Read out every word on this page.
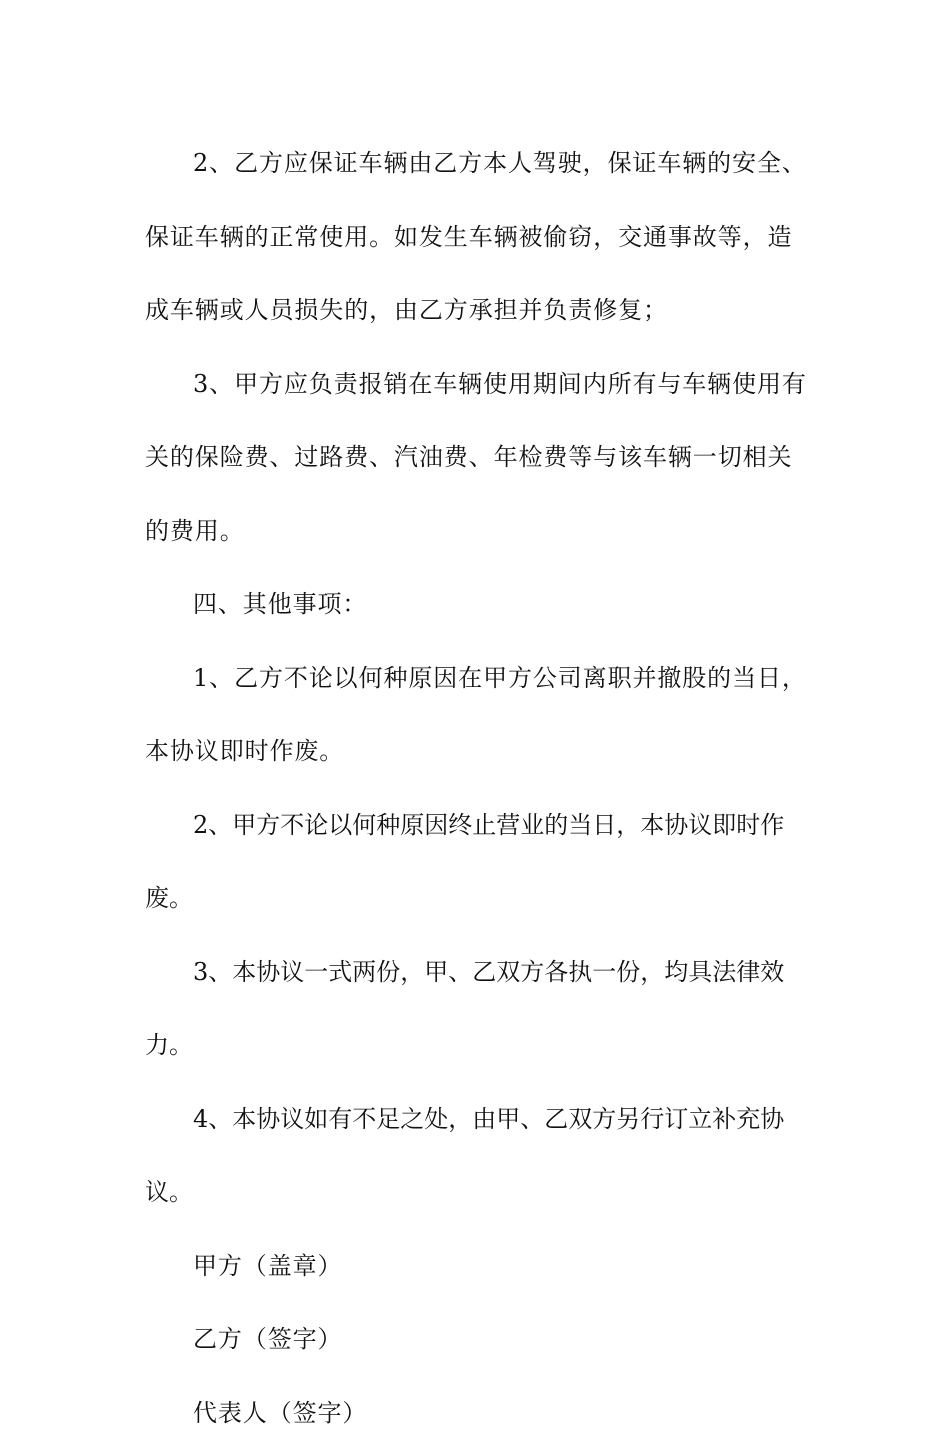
2、乙方应保证车辆由乙方本人驾驶，保证车辆的安全、保证车辆的正常使用。如发生车辆被偷窃，交通事故等，造成车辆或人员损失的，由乙方承担并负责修复；

3、甲方应负责报销在车辆使用期间内所有与车辆使用有关的保险费、过路费、汽油费、年检费等与该车辆一切相关的费用。

四、其他事项：

1、乙方不论以何种原因在甲方公司离职并撤股的当日，本协议即时作废。

2、甲方不论以何种原因终止营业的当日，本协议即时作废。

3、本协议一式两份，甲、乙双方各执一份，均具法律效力。

4、本协议如有不足之处，由甲、乙双方另行订立补充协议。

甲方（盖章）

乙方（签字）

代表人（签字）
